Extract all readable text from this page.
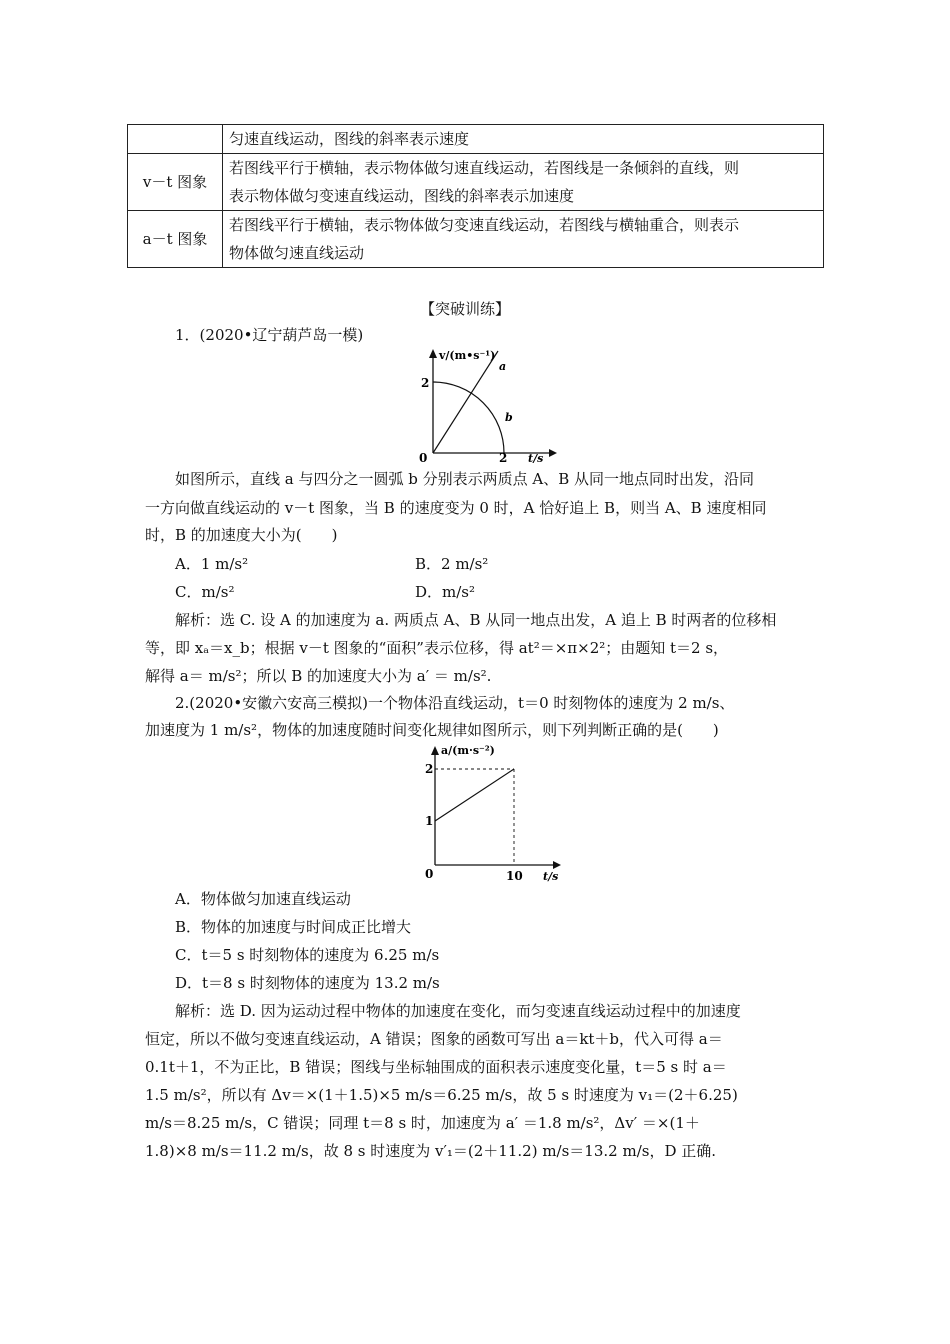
	匀速直线运动，图线的斜率表示速度
v－t 图象	若图线平行于横轴，表示物体做匀速直线运动，若图线是一条倾斜的直线，则
表示物体做匀变速直线运动，图线的斜率表示加速度
a－t 图象	若图线平行于横轴，表示物体做匀变速直线运动，若图线与横轴重合，则表示
物体做匀速直线运动
【突破训练】
1．(2020•辽宁葫芦岛一模)
v/(m•s⁻¹)
a
b
2
2
0	t/s
如图所示，直线 a 与四分之一圆弧 b 分别表示两质点 A、B 从同一地点同时出发，沿同
一方向做直线运动的 v－t 图象，当 B 的速度变为 0 时，A 恰好追上 B，则当 A、B 速度相同
时，B 的加速度大小为(　　)
A．1 m/s²	B．2 m/s²
C．m/s²	D．m/s²
解析：选 C. 设 A 的加速度为 a. 两质点 A、B 从同一地点出发，A 追上 B 时两者的位移相
等，即 xₐ＝x_b；根据 v－t 图象的“面积”表示位移，得 at²＝×π×2²；由题知 t＝2 s，
解得 a＝ m/s²；所以 B 的加速度大小为 a′ ＝ m/s².
2.(2020•安徽六安高三模拟)一个物体沿直线运动，t＝0 时刻物体的速度为 2 m/s、
加速度为 1 m/s²，物体的加速度随时间变化规律如图所示，则下列判断正确的是(　　)
a/(m·s⁻²)
2
1
0	10 t/s
A．物体做匀加速直线运动
B．物体的加速度与时间成正比增大
C．t＝5 s 时刻物体的速度为 6.25 m/s
D．t＝8 s 时刻物体的速度为 13.2 m/s
解析：选 D. 因为运动过程中物体的加速度在变化，而匀变速直线运动过程中的加速度
恒定，所以不做匀变速直线运动，A 错误；图象的函数可写出 a＝kt＋b，代入可得 a＝
0.1t＋1，不为正比，B 错误；图线与坐标轴围成的面积表示速度变化量，t＝5 s 时 a＝
1.5 m/s²，所以有 Δv＝×(1＋1.5)×5 m/s＝6.25 m/s，故 5 s 时速度为 v₁＝(2＋6.25)
m/s＝8.25 m/s，C 错误；同理 t＝8 s 时，加速度为 a′ ＝1.8 m/s²，Δv′ ＝×(1＋
1.8)×8 m/s＝11.2 m/s，故 8 s 时速度为 v′₁＝(2＋11.2) m/s＝13.2 m/s，D 正确.
